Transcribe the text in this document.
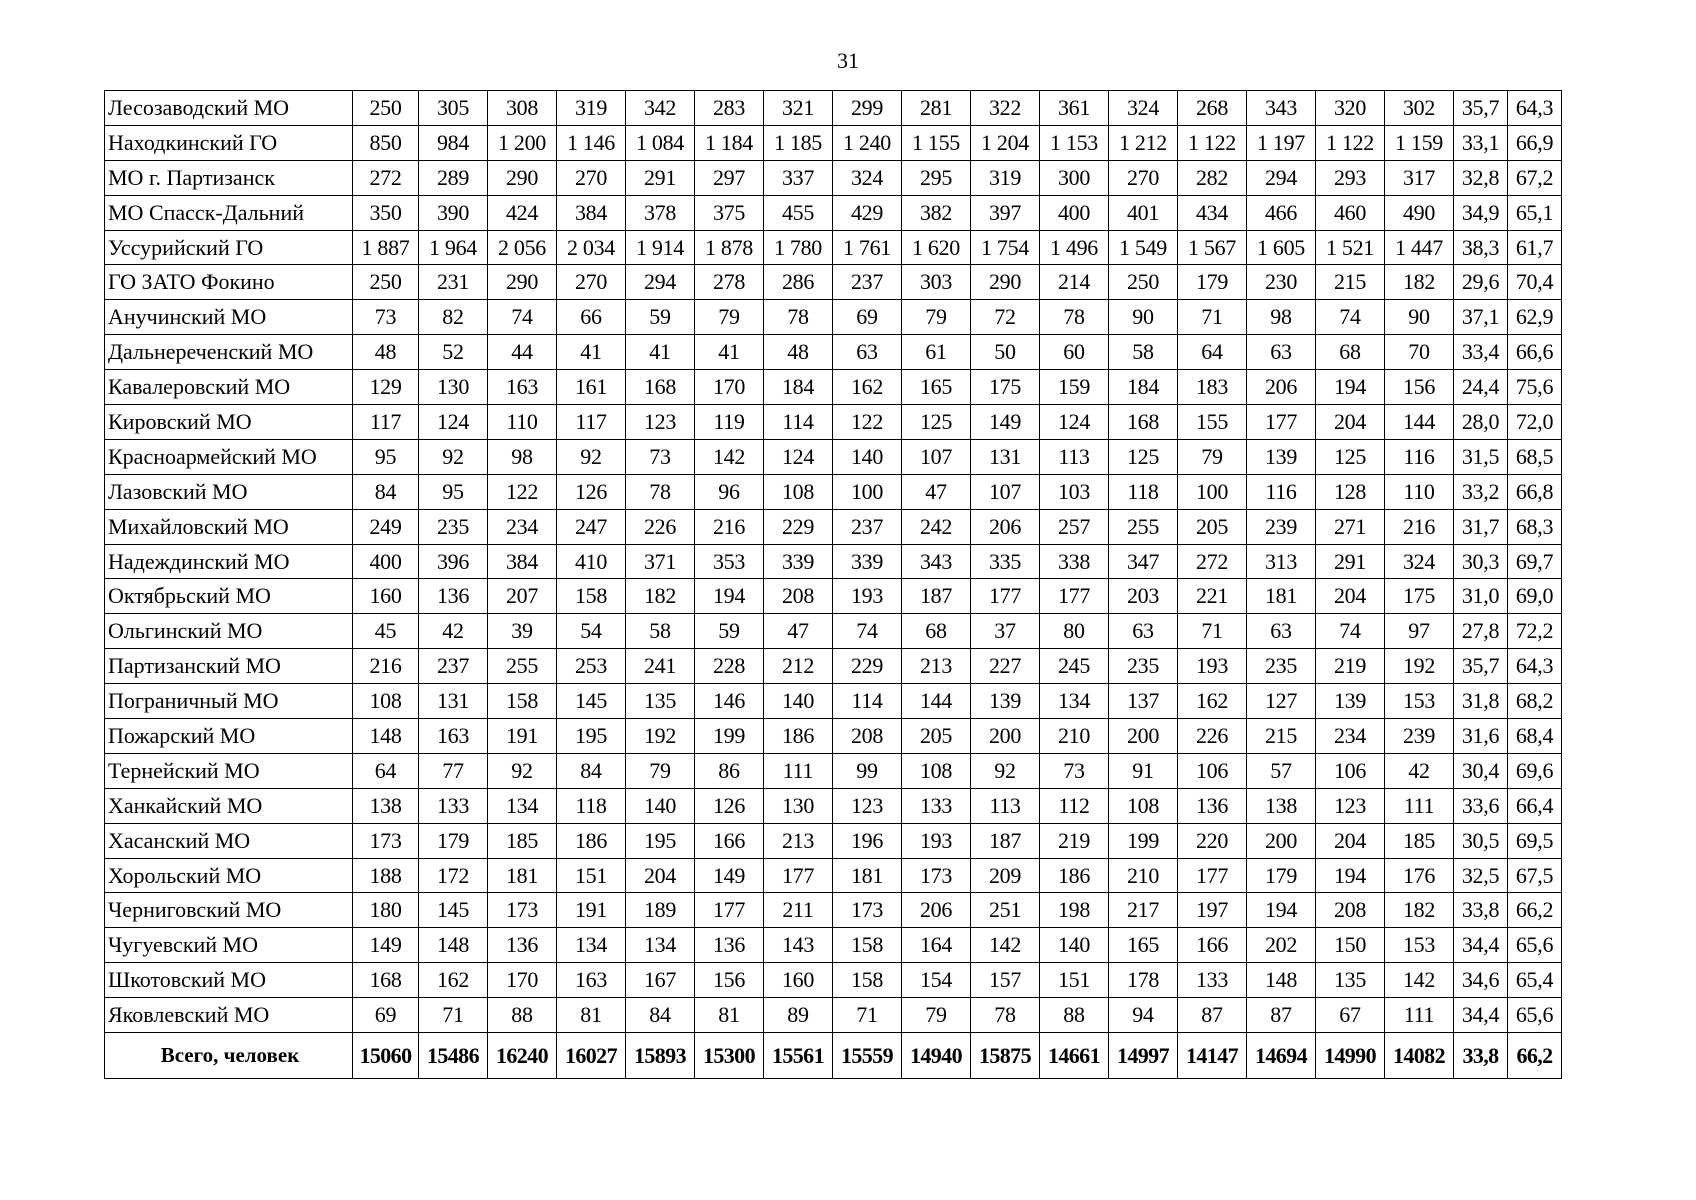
31
Лесозаводский МО	250	305	308	319	342	283	321	299	281	322	361	324	268	343	320	302	35,7	64,3
Находкинский ГО	850	984	1 200	1 146	1 084	1 184	1 185	1 240	1 155	1 204	1 153	1 212	1 122	1 197	1 122	1 159	33,1	66,9
МО г. Партизанск	272	289	290	270	291	297	337	324	295	319	300	270	282	294	293	317	32,8	67,2
МО Спасск-Дальний	350	390	424	384	378	375	455	429	382	397	400	401	434	466	460	490	34,9	65,1
Уссурийский ГО	1 887	1 964	2 056	2 034	1 914	1 878	1 780	1 761	1 620	1 754	1 496	1 549	1 567	1 605	1 521	1 447	38,3	61,7
ГО ЗАТО Фокино	250	231	290	270	294	278	286	237	303	290	214	250	179	230	215	182	29,6	70,4
Анучинский МО	73	82	74	66	59	79	78	69	79	72	78	90	71	98	74	90	37,1	62,9
Дальнереченский МО	48	52	44	41	41	41	48	63	61	50	60	58	64	63	68	70	33,4	66,6
Кавалеровский МО	129	130	163	161	168	170	184	162	165	175	159	184	183	206	194	156	24,4	75,6
Кировский МО	117	124	110	117	123	119	114	122	125	149	124	168	155	177	204	144	28,0	72,0
Красноармейский МО	95	92	98	92	73	142	124	140	107	131	113	125	79	139	125	116	31,5	68,5
Лазовский МО	84	95	122	126	78	96	108	100	47	107	103	118	100	116	128	110	33,2	66,8
Михайловский МО	249	235	234	247	226	216	229	237	242	206	257	255	205	239	271	216	31,7	68,3
Надеждинский МО	400	396	384	410	371	353	339	339	343	335	338	347	272	313	291	324	30,3	69,7
Октябрьский МО	160	136	207	158	182	194	208	193	187	177	177	203	221	181	204	175	31,0	69,0
Ольгинский МО	45	42	39	54	58	59	47	74	68	37	80	63	71	63	74	97	27,8	72,2
Партизанский МО	216	237	255	253	241	228	212	229	213	227	245	235	193	235	219	192	35,7	64,3
Пограничный МО	108	131	158	145	135	146	140	114	144	139	134	137	162	127	139	153	31,8	68,2
Пожарский МО	148	163	191	195	192	199	186	208	205	200	210	200	226	215	234	239	31,6	68,4
Тернейский МО	64	77	92	84	79	86	111	99	108	92	73	91	106	57	106	42	30,4	69,6
Ханкайский МО	138	133	134	118	140	126	130	123	133	113	112	108	136	138	123	111	33,6	66,4
Хасанский МО	173	179	185	186	195	166	213	196	193	187	219	199	220	200	204	185	30,5	69,5
Хорольский МО	188	172	181	151	204	149	177	181	173	209	186	210	177	179	194	176	32,5	67,5
Черниговский МО	180	145	173	191	189	177	211	173	206	251	198	217	197	194	208	182	33,8	66,2
Чугуевский МО	149	148	136	134	134	136	143	158	164	142	140	165	166	202	150	153	34,4	65,6
Шкотовский МО	168	162	170	163	167	156	160	158	154	157	151	178	133	148	135	142	34,6	65,4
Яковлевский МО	69	71	88	81	84	81	89	71	79	78	88	94	87	87	67	111	34,4	65,6
Всего, человек	15060	15486	16240	16027	15893	15300	15561	15559	14940	15875	14661	14997	14147	14694	14990	14082	33,8	66,2
